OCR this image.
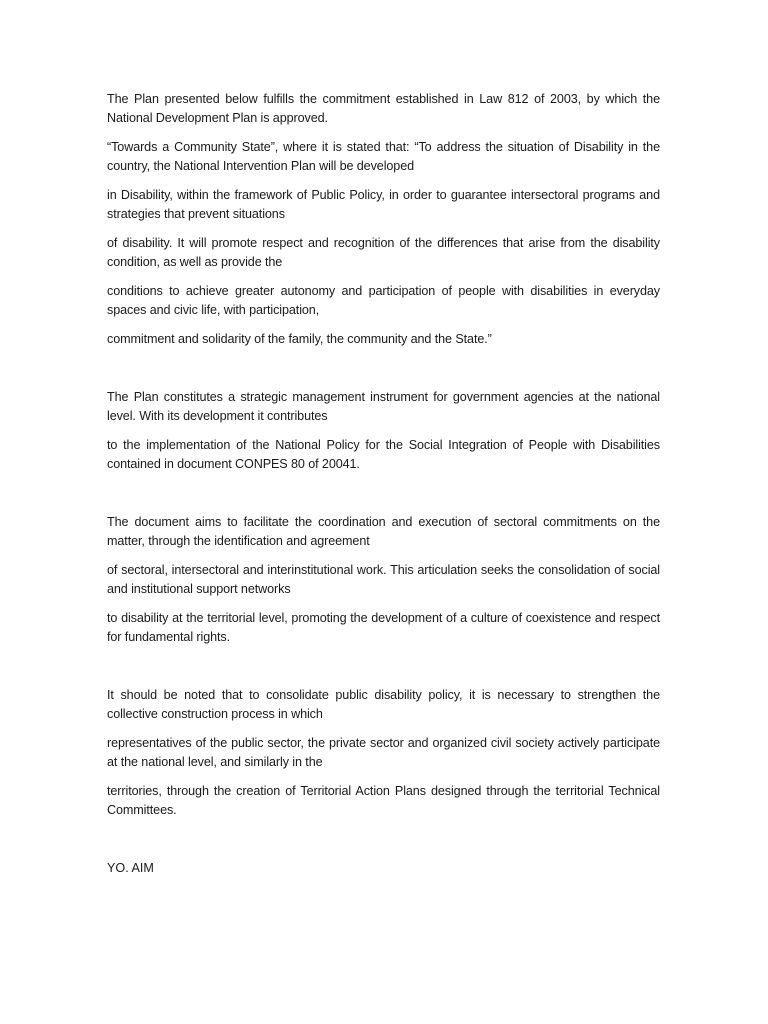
The Plan presented below fulfills the commitment established in Law 812 of 2003, by which the National Development Plan is approved.

“Towards a Community State”, where it is stated that: “To address the situation of Disability in the country, the National Intervention Plan will be developed

in Disability, within the framework of Public Policy, in order to guarantee intersectoral programs and strategies that prevent situations

of disability. It will promote respect and recognition of the differences that arise from the disability condition, as well as provide the

conditions to achieve greater autonomy and participation of people with disabilities in everyday spaces and civic life, with participation,

commitment and solidarity of the family, the community and the State.”

The Plan constitutes a strategic management instrument for government agencies at the national level. With its development it contributes

to the implementation of the National Policy for the Social Integration of People with Disabilities contained in document CONPES 80 of 20041.

The document aims to facilitate the coordination and execution of sectoral commitments on the matter, through the identification and agreement

of sectoral, intersectoral and interinstitutional work. This articulation seeks the consolidation of social and institutional support networks

to disability at the territorial level, promoting the development of a culture of coexistence and respect for fundamental rights.

It should be noted that to consolidate public disability policy, it is necessary to strengthen the collective construction process in which

representatives of the public sector, the private sector and organized civil society actively participate at the national level, and similarly in the

territories, through the creation of Territorial Action Plans designed through the territorial Technical Committees.

YO. AIM
